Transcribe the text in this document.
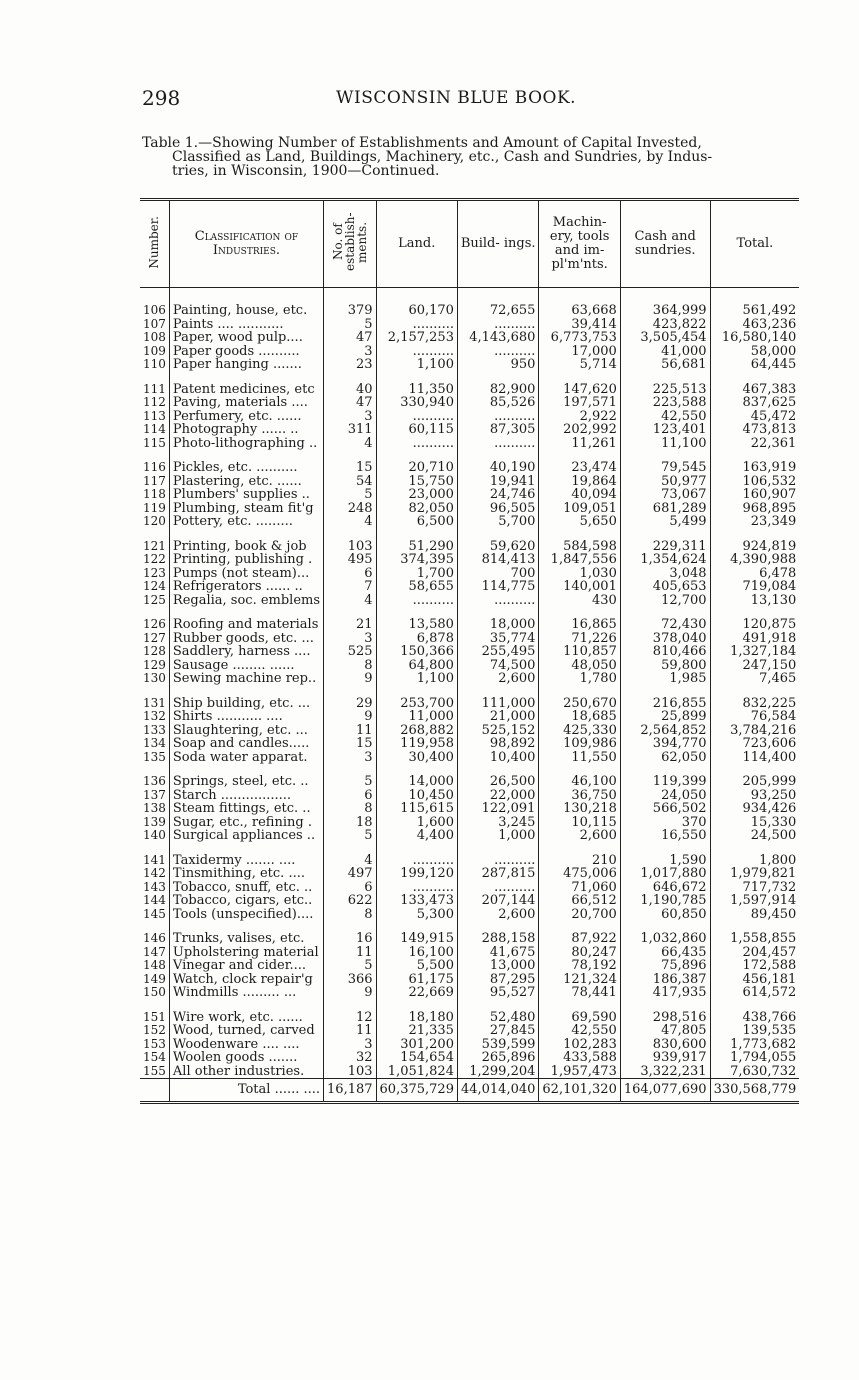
298	WISCONSIN BLUE BOOK.
Table 1.—Showing Number of Establishments and Amount of Capital Invested,
Classified as Land, Buildings, Machinery, etc., Cash and Sundries, by Indus-
tries, in Wisconsin, 1900—Continued.
Number.	Classification of Industries.	No. of establish- ments.	Land.	Build- ings.	Machin- ery, tools and im- pl'm'nts.	Cash and sundries.	Total.
106	Painting, house, etc.	379	60,170	72,655	63,668	364,999	561,492
107	Paints .... ...........	5	..........	..........	39,414	423,822	463,236
108	Paper, wood pulp....	47	2,157,253	4,143,680	6,773,753	3,505,454	16,580,140
109	Paper goods ..........	3	..........	..........	17,000	41,000	58,000
110	Paper hanging .......	23	1,100	950	5,714	56,681	64,445

111	Patent medicines, etc	40	11,350	82,900	147,620	225,513	467,383
112	Paving, materials ....	47	330,940	85,526	197,571	223,588	837,625
113	Perfumery, etc. ......	3	..........	..........	2,922	42,550	45,472
114	Photography ...... ..	311	60,115	87,305	202,992	123,401	473,813
115	Photo-lithographing ..	4	..........	..........	11,261	11,100	22,361

116	Pickles, etc. ..........	15	20,710	40,190	23,474	79,545	163,919
117	Plastering, etc. ......	54	15,750	19,941	19,864	50,977	106,532
118	Plumbers' supplies ..	5	23,000	24,746	40,094	73,067	160,907
119	Plumbing, steam fit'g	248	82,050	96,505	109,051	681,289	968,895
120	Pottery, etc. .........	4	6,500	5,700	5,650	5,499	23,349

121	Printing, book & job	103	51,290	59,620	584,598	229,311	924,819
122	Printing, publishing .	495	374,395	814,413	1,847,556	1,354,624	4,390,988
123	Pumps (not steam)...	6	1,700	700	1,030	3,048	6,478
124	Refrigerators ...... ..	7	58,655	114,775	140,001	405,653	719,084
125	Regalia, soc. emblems	4	..........	..........	430	12,700	13,130

126	Roofing and materials	21	13,580	18,000	16,865	72,430	120,875
127	Rubber goods, etc. ...	3	6,878	35,774	71,226	378,040	491,918
128	Saddlery, harness ....	525	150,366	255,495	110,857	810,466	1,327,184
129	Sausage ........ ......	8	64,800	74,500	48,050	59,800	247,150
130	Sewing machine rep..	9	1,100	2,600	1,780	1,985	7,465

131	Ship building, etc. ...	29	253,700	111,000	250,670	216,855	832,225
132	Shirts ........... ....	9	11,000	21,000	18,685	25,899	76,584
133	Slaughtering, etc. ...	11	268,882	525,152	425,330	2,564,852	3,784,216
134	Soap and candles.....	15	119,958	98,892	109,986	394,770	723,606
135	Soda water apparat.	3	30,400	10,400	11,550	62,050	114,400

136	Springs, steel, etc. ..	5	14,000	26,500	46,100	119,399	205,999
137	Starch .................	6	10,450	22,000	36,750	24,050	93,250
138	Steam fittings, etc. ..	8	115,615	122,091	130,218	566,502	934,426
139	Sugar, etc., refining .	18	1,600	3,245	10,115	370	15,330
140	Surgical appliances ..	5	4,400	1,000	2,600	16,550	24,500

141	Taxidermy ....... ....	4	..........	..........	210	1,590	1,800
142	Tinsmithing, etc. ....	497	199,120	287,815	475,006	1,017,880	1,979,821
143	Tobacco, snuff, etc. ..	6	..........	..........	71,060	646,672	717,732
144	Tobacco, cigars, etc..	622	133,473	207,144	66,512	1,190,785	1,597,914
145	Tools (unspecified)....	8	5,300	2,600	20,700	60,850	89,450

146	Trunks, valises, etc.	16	149,915	288,158	87,922	1,032,860	1,558,855
147	Upholstering material	11	16,100	41,675	80,247	66,435	204,457
148	Vinegar and cider....	5	5,500	13,000	78,192	75,896	172,588
149	Watch, clock repair'g	366	61,175	87,295	121,324	186,387	456,181
150	Windmills ......... ...	9	22,669	95,527	78,441	417,935	614,572

151	Wire work, etc. ......	12	18,180	52,480	69,590	298,516	438,766
152	Wood, turned, carved	11	21,335	27,845	42,550	47,805	139,535
153	Woodenware .... ....	3	301,200	539,599	102,283	830,600	1,773,682
154	Woolen goods .......	32	154,654	265,896	433,588	939,917	1,794,055
155	All other industries.	103	1,051,824	1,299,204	1,957,473	3,322,231	7,630,732
	Total ...... ....	16,187	60,375,729	44,014,040	62,101,320	164,077,690	330,568,779
